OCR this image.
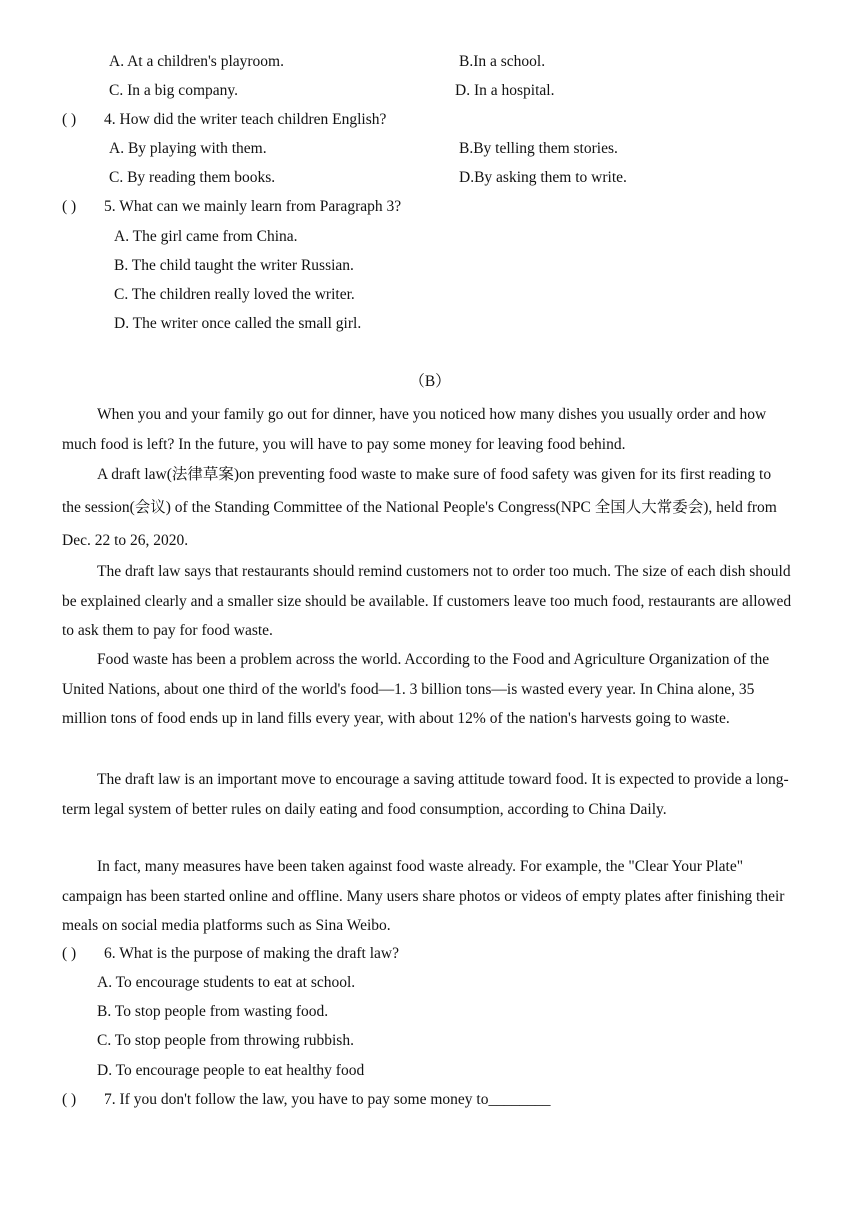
A. At a children's playroom.	B.In a school.
C. In a big company.	D. In a hospital.
( ) 4. How did the writer teach children English?
A. By playing with them.	B.By telling them stories.
C. By reading them books.	D.By asking them to write.
( ) 5. What can we mainly learn from Paragraph 3?
A. The girl came from China.
B. The child taught the writer Russian.
C. The children really loved the writer.
D. The writer once called the small girl.
（B）
When you and your family go out for dinner, have you noticed how many dishes you usually order and how much food is left? In the future, you will have to pay some money for leaving food behind.
A draft law(法律草案)on preventing food waste to make sure of food safety was given for its first reading to the session(会议) of the Standing Committee of the National People's Congress(NPC 全国人大常委会), held from Dec. 22 to 26, 2020.
The draft law says that restaurants should remind customers not to order too much. The size of each dish should be explained clearly and a smaller size should be available. If customers leave too much food, restaurants are allowed to ask them to pay for food waste.
Food waste has been a problem across the world. According to the Food and Agriculture Organization of the United Nations, about one third of the world's food—1. 3 billion tons—is wasted every year. In China alone, 35 million tons of food ends up in land fills every year, with about 12% of the nation's harvests going to waste.
The draft law is an important move to encourage a saving attitude toward food. It is expected to provide a long-term legal system of better rules on daily eating and food consumption, according to China Daily.
In fact, many measures have been taken against food waste already. For example, the "Clear Your Plate" campaign has been started online and offline. Many users share photos or videos of empty plates after finishing their meals on social media platforms such as Sina Weibo.
( ) 6. What is the purpose of making the draft law?
A. To encourage students to eat at school.
B. To stop people from wasting food.
C. To stop people from throwing rubbish.
D. To encourage people to eat healthy food
( ) 7. If you don't follow the law, you have to pay some money to________
